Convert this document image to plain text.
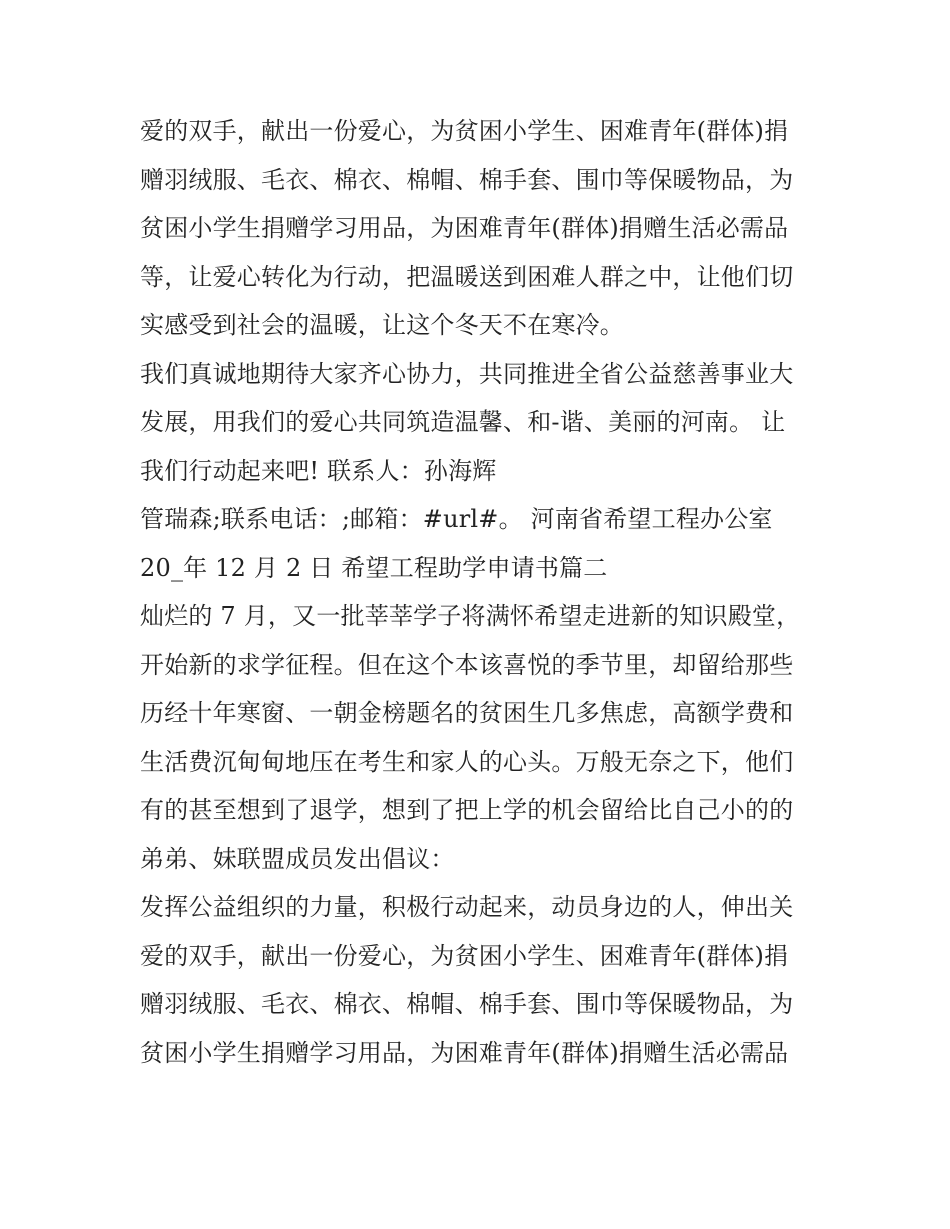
爱的双手，献出一份爱心，为贫困小学生、困难青年(群体)捐
赠羽绒服、毛衣、棉衣、棉帽、棉手套、围巾等保暖物品，为
贫困小学生捐赠学习用品，为困难青年(群体)捐赠生活必需品
等，让爱心转化为行动，把温暖送到困难人群之中，让他们切
实感受到社会的温暖，让这个冬天不在寒冷。
我们真诚地期待大家齐心协力，共同推进全省公益慈善事业大
发展，用我们的爱心共同筑造温馨、和-谐、美丽的河南。 让
我们行动起来吧! 联系人：孙海辉
管瑞森;联系电话：;邮箱：#url#。 河南省希望工程办公室
20_年 12 月 2 日 希望工程助学申请书篇二
灿烂的 7 月，又一批莘莘学子将满怀希望走进新的知识殿堂，
开始新的求学征程。但在这个本该喜悦的季节里，却留给那些
历经十年寒窗、一朝金榜题名的贫困生几多焦虑，高额学费和
生活费沉甸甸地压在考生和家人的心头。万般无奈之下，他们
有的甚至想到了退学，想到了把上学的机会留给比自己小的的
弟弟、妹联盟成员发出倡议：
发挥公益组织的力量，积极行动起来，动员身边的人，伸出关
爱的双手，献出一份爱心，为贫困小学生、困难青年(群体)捐
赠羽绒服、毛衣、棉衣、棉帽、棉手套、围巾等保暖物品，为
贫困小学生捐赠学习用品，为困难青年(群体)捐赠生活必需品
